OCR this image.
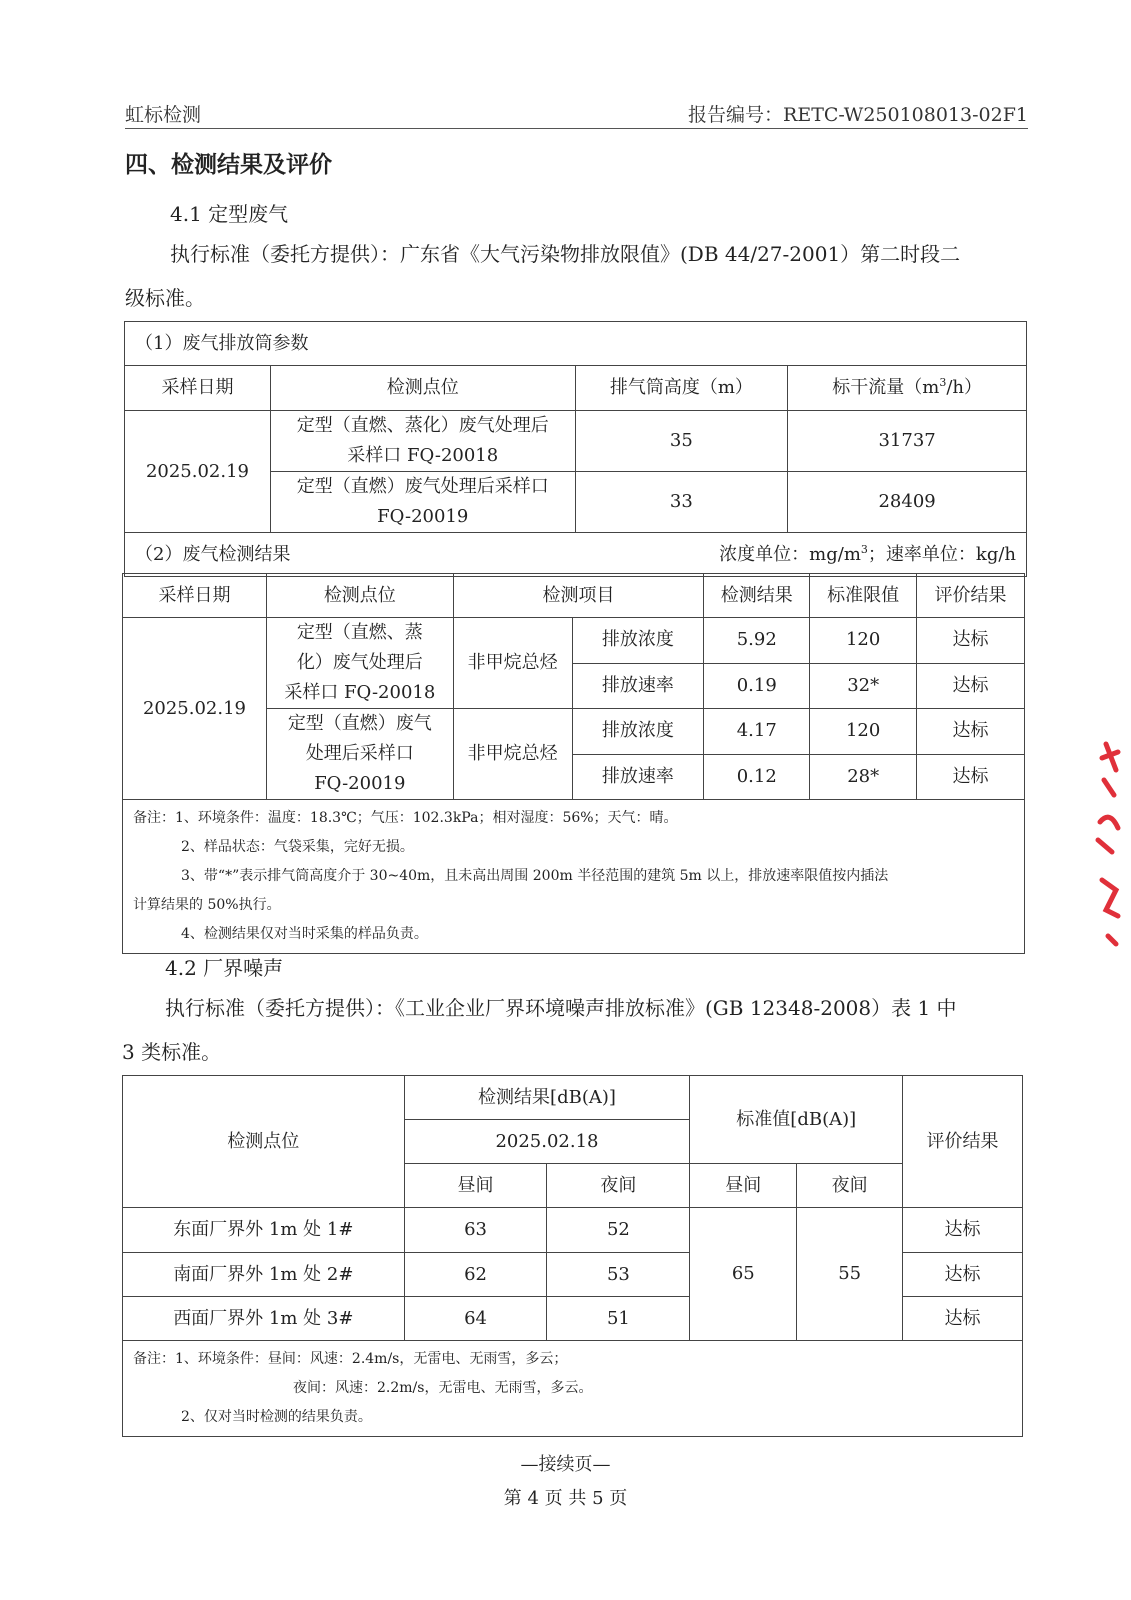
虹标检测	报告编号：RETC-W250108013-02F1
四、检测结果及评价
4.1 定型废气
执行标准（委托方提供）：广东省《大气污染物排放限值》(DB 44/27-2001）第二时段二
级标准。
（1）废气排放筒参数			
采样日期	检测点位	排气筒高度（m）	标干流量$(m^3/h)$
2025.02.19	定型（直燃、蒸化）废气处理后
采样口 FQ-20018	35	31737

	定型（直燃）废气处理后采样口
FQ-20019	33	28409

（2）废气检测结果 浓度单位：$mg/m^3$；速率单位：kg/h			
采样日期	检测点位	检测项目		检测结果	标准限值	评价结果
2025.02.19	定型（直燃、蒸
化）废气处理后
采样口 FQ-20018	非甲烷总烃	排放浓度	5.92	120	达标
			排放速率	0.19	32*	达标

	定型（直燃）废气
处理后采样口
FQ-20019	非甲烷总烃	排放浓度	4.17	120	达标
			排放速率	0.12	28*	达标

备注：1、环境条件：温度：18.3℃；气压：102.3kPa；相对湿度：56%；天气：晴。
2、样品状态：气袋采集，完好无损。
3、带“*”表示排气筒高度介于 30~40m，且未高出周围 200m 半径范围的建筑 5m 以上，排放速率限值按内插法
计算结果的 50%执行。
4、检测结果仅对当时采集的样品负责。						
4.2 厂界噪声
执行标准（委托方提供）：《工业企业厂界环境噪声排放标准》(GB 12348-2008）表 1 中
3 类标准。
检测点位	检测结果[dB(A)]		标准值[dB(A)]		评价结果
	2025.02.18				
	昼间	夜间	昼间	夜间	
东面厂界外 1m 处 1#	63	52	65	55	达标
南面厂界外 1m 处 2#	62	53			达标
西面厂界外 1m 处 3#	64	51			达标

备注：1、环境条件：昼间：风速：2.4m/s，无雷电、无雨雪，多云；
夜间：风速：2.2m/s，无雷电、无雨雪，多云。
2、仅对当时检测的结果负责。					
—接续页—
第 4 页 共 5 页
